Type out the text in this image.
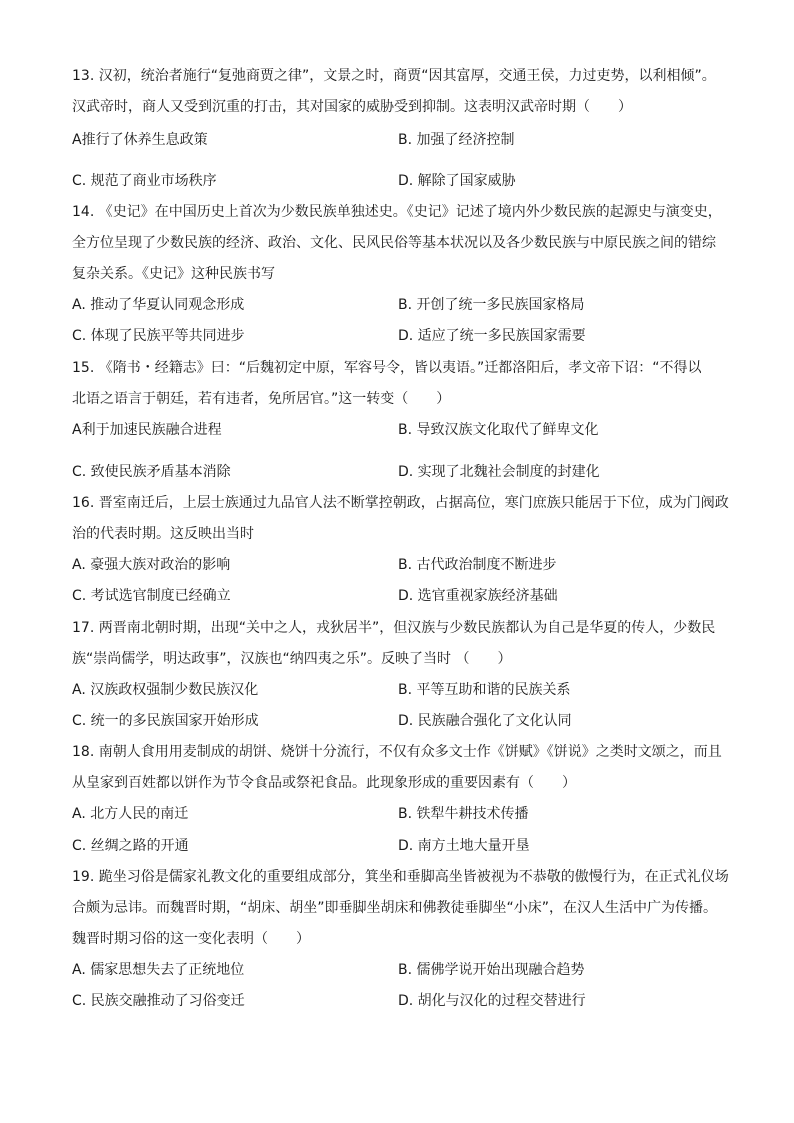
13. 汉初，统治者施行“复弛商贾之律”，文景之时，商贾“因其富厚，交通王侯，力过吏势，以利相倾”。
汉武帝时，商人又受到沉重的打击，其对国家的威胁受到抑制。这表明汉武帝时期（　　）
A推行了休养生息政策	B. 加强了经济控制
C. 规范了商业市场秩序	D. 解除了国家威胁
14. 《史记》在中国历史上首次为少数民族单独述史。《史记》记述了境内外少数民族的起源史与演变史，
全方位呈现了少数民族的经济、政治、文化、民风民俗等基本状况以及各少数民族与中原民族之间的错综
复杂关系。《史记》这种民族书写
A. 推动了华夏认同观念形成	B. 开创了统一多民族国家格局
C. 体现了民族平等共同进步	D. 适应了统一多民族国家需要
15. 《隋书・经籍志》曰：“后魏初定中原，军容号令，皆以夷语。”迁都洛阳后，孝文帝下诏：“不得以
北语之语言于朝廷，若有违者，免所居官。”这一转变（　　）
A利于加速民族融合进程	B. 导致汉族文化取代了鲜卑文化
C. 致使民族矛盾基本消除	D. 实现了北魏社会制度的封建化
16. 晋室南迁后，上层士族通过九品官人法不断掌控朝政，占据高位，寒门庶族只能居于下位，成为门阀政
治的代表时期。这反映出当时
A. 豪强大族对政治的影响	B. 古代政治制度不断进步
C. 考试选官制度已经确立	D. 选官重视家族经济基础
17. 两晋南北朝时期，出现“关中之人，戎狄居半”，但汉族与少数民族都认为自己是华夏的传人，少数民
族“崇尚儒学，明达政事”，汉族也“纳四夷之乐”。反映了当时 （　　）
A. 汉族政权强制少数民族汉化	B. 平等互助和谐的民族关系
C. 统一的多民族国家开始形成	D. 民族融合强化了文化认同
18. 南朝人食用用麦制成的胡饼、烧饼十分流行，不仅有众多文士作《饼赋》《饼说》之类时文颂之，而且
从皇家到百姓都以饼作为节令食品或祭祀食品。此现象形成的重要因素有（　　）
A. 北方人民的南迁	B. 铁犁牛耕技术传播
C. 丝绸之路的开通	D. 南方土地大量开垦
19. 跪坐习俗是儒家礼教文化的重要组成部分，箕坐和垂脚高坐皆被视为不恭敬的傲慢行为，在正式礼仪场
合颇为忌讳。而魏晋时期，“胡床、胡坐”即垂脚坐胡床和佛教徒垂脚坐“小床”，在汉人生活中广为传播。
魏晋时期习俗的这一变化表明（　　）
A. 儒家思想失去了正统地位	B. 儒佛学说开始出现融合趋势
C. 民族交融推动了习俗变迁	D. 胡化与汉化的过程交替进行
